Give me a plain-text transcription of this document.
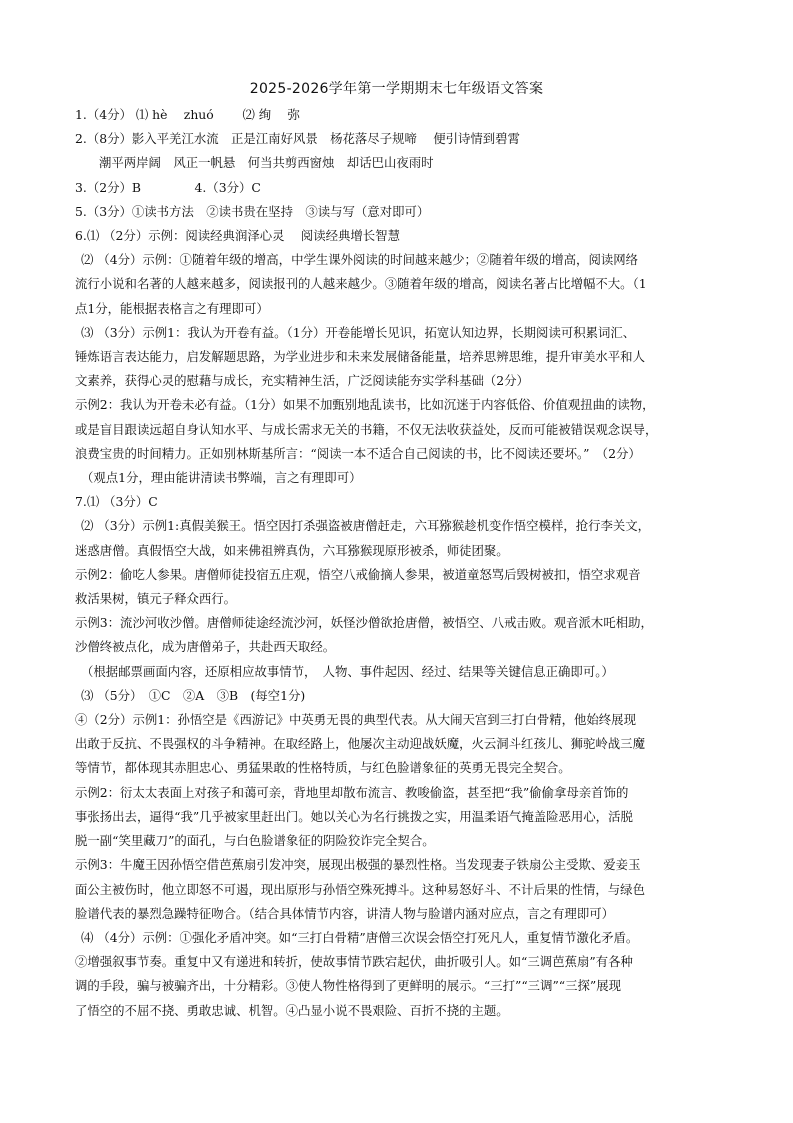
2025-2026学年第一学期期末七年级语文答案

1.（4分） ⑴ hè　 zhuó　　 ⑵ 绚　 弥

2.（8分）影入平羌江水流　正是江南好风景　杨花落尽子规啼　 便引诗情到碧霄

潮平两岸阔　风正一帆悬　何当共剪西窗烛　却话巴山夜雨时

3.（2分）B　　　　 4.（3分）C

5.（3分）①读书方法　②读书贵在坚持　③读与写（意对即可）

6.⑴ （2分）示例：阅读经典润泽心灵　 阅读经典增长智慧

⑵ （4分）示例：①随着年级的增高，中学生课外阅读的时间越来越少；②随着年级的增高，阅读网络

流行小说和名著的人越来越多，阅读报刊的人越来越少。③随着年级的增高，阅读名著占比增幅不大。（1

点1分，能根据表格言之有理即可）

⑶ （3分）示例1：我认为开卷有益。（1分）开卷能增长见识，拓宽认知边界，长期阅读可积累词汇、

锤炼语言表达能力，启发解题思路，为学业进步和未来发展储备能量，培养思辨思维，提升审美水平和人

文素养，获得心灵的慰藉与成长，充实精神生活，广泛阅读能夯实学科基础（2分）

示例2：我认为开卷未必有益。（1分）如果不加甄别地乱读书，比如沉迷于内容低俗、价值观扭曲的读物，

或是盲目跟读远超自身认知水平、与成长需求无关的书籍，不仅无法收获益处，反而可能被错误观念误导，

浪费宝贵的时间精力。正如别林斯基所言：“阅读一本不适合自己阅读的书，比不阅读还要坏。”　（2分）

（观点1分，理由能讲清读书弊端，言之有理即可）

7.⑴ （3分）C

⑵ （3分）示例1:真假美猴王。悟空因打杀强盗被唐僧赶走，六耳猕猴趁机变作悟空模样，抢行李关文，

迷惑唐僧。真假悟空大战，如来佛祖辨真伪，六耳猕猴现原形被杀，师徒团聚。

示例2：偷吃人参果。唐僧师徒投宿五庄观，悟空八戒偷摘人参果，被道童怒骂后毁树被扣，悟空求观音

救活果树，镇元子释众西行。

示例3：流沙河收沙僧。唐僧师徒途经流沙河，妖怪沙僧欲抢唐僧，被悟空、八戒击败。观音派木吒相助，

沙僧终被点化，成为唐僧弟子，共赴西天取经。

（根据邮票画面内容，还原相应故事情节，　人物、事件起因、经过、结果等关键信息正确即可。）

⑶ （5分）　①C　②A　③B　(每空1分)

④（2分）示例1：孙悟空是《西游记》中英勇无畏的典型代表。从大闹天宫到三打白骨精，他始终展现

出敢于反抗、不畏强权的斗争精神。在取经路上，他屡次主动迎战妖魔，火云洞斗红孩儿、狮驼岭战三魔

等情节，都体现其赤胆忠心、勇猛果敢的性格特质，与红色脸谱象征的英勇无畏完全契合。

示例2：衍太太表面上对孩子和蔼可亲，背地里却散布流言、教唆偷盗，甚至把“我”偷偷拿母亲首饰的

事张扬出去，逼得“我”几乎被家里赶出门。她以关心为名行挑拨之实，用温柔语气掩盖险恶用心，活脱

脱一副“笑里藏刀”的面孔，与白色脸谱象征的阴险狡诈完全契合。

示例3：牛魔王因孙悟空借芭蕉扇引发冲突，展现出极强的暴烈性格。当发现妻子铁扇公主受欺、爱妾玉

面公主被伤时，他立即怒不可遏，现出原形与孙悟空殊死搏斗。这种易怒好斗、不计后果的性情，与绿色

脸谱代表的暴烈急躁特征吻合。（结合具体情节内容，讲清人物与脸谱内涵对应点，言之有理即可）

⑷ （4分）示例：①强化矛盾冲突。如“三打白骨精”唐僧三次误会悟空打死凡人，重复情节激化矛盾。

②增强叙事节奏。重复中又有递进和转折，使故事情节跌宕起伏，曲折吸引人。如“三调芭蕉扇”有各种

调的手段，骗与被骗齐出，十分精彩。③使人物性格得到了更鲜明的展示。“三打”“三调”“三探”展现

了悟空的不屈不挠、勇敢忠诚、机智。④凸显小说不畏艰险、百折不挠的主题。
